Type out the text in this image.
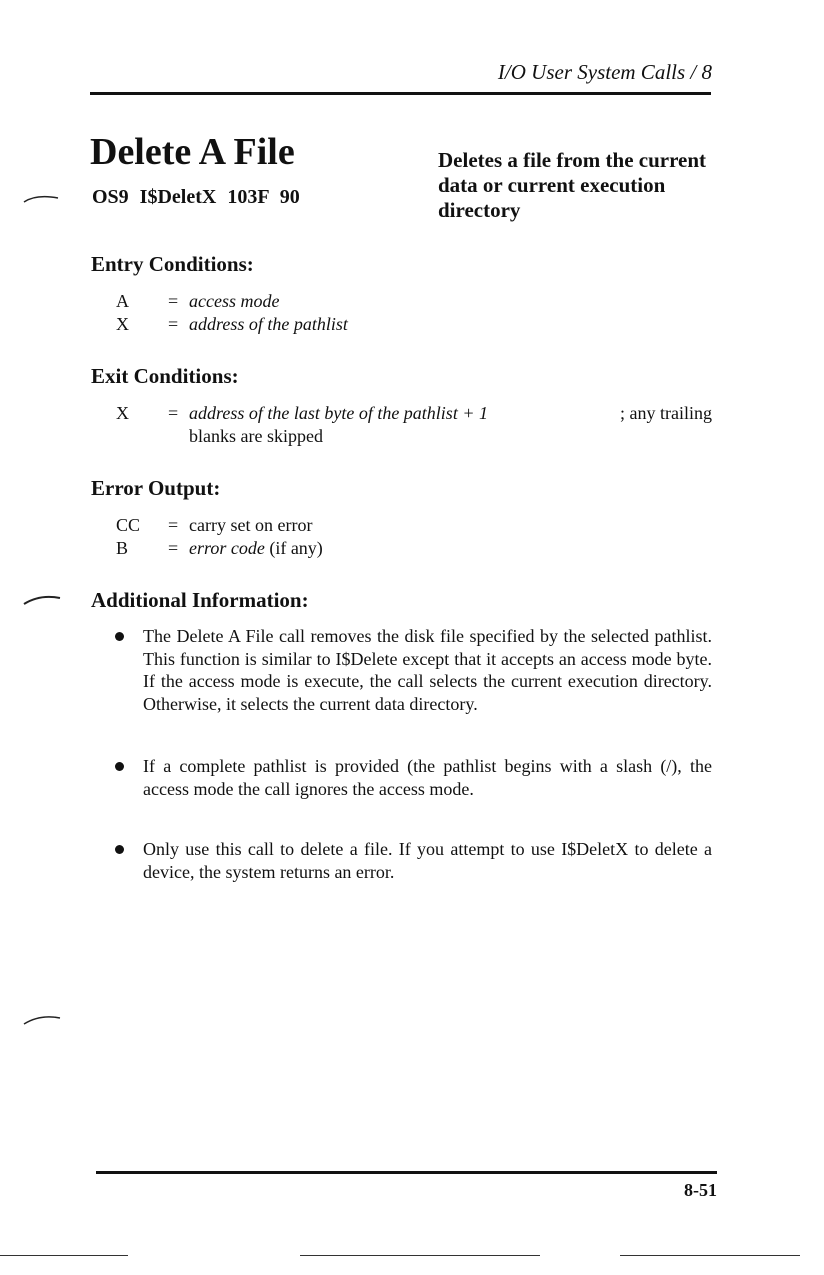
I/O User System Calls / 8
Delete A File
OS9 I$DeletX 103F 90
Deletes a file from the current data or current execution directory
Entry Conditions:
A = access mode
X = address of the pathlist
Exit Conditions:
X = address of the last byte of the pathlist + 1	; any trailing
blanks are skipped
Error Output:
CC = carry set on error
B = error code (if any)
Additional Information:
The Delete A File call removes the disk file specified by the selected pathlist. This function is similar to I$Delete except that it accepts an access mode byte. If the access mode is execute, the call selects the current execution directory. Otherwise, it selects the current data directory.
If a complete pathlist is provided (the pathlist begins with a slash (/), the access mode the call ignores the access mode.
Only use this call to delete a file. If you attempt to use I$DeletX to delete a device, the system returns an error.
8-51
